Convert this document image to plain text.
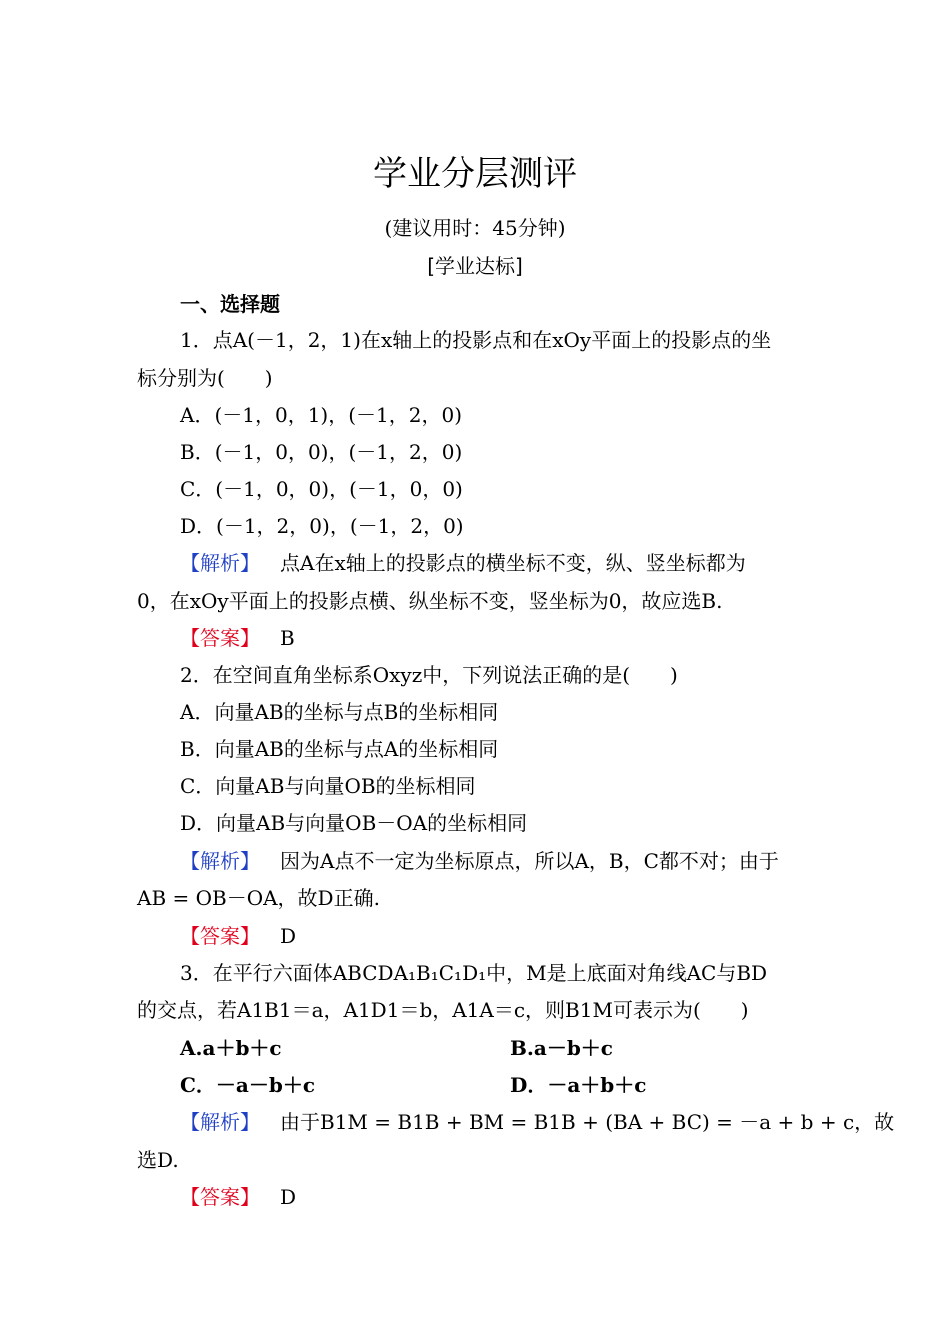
学业分层测评
(建议用时：45分钟)
[学业达标]
一、选择题
1．点A(－1，2，1)在x轴上的投影点和在xOy平面上的投影点的坐
标分别为(　　)
A．(－1，0，1)，(－1，2，0)
B．(－1，0，0)，(－1，2，0)
C．(－1，0，0)，(－1，0，0)
D．(－1，2，0)，(－1，2，0)
【解析】 点A在x轴上的投影点的横坐标不变，纵、竖坐标都为
0，在xOy平面上的投影点横、纵坐标不变，竖坐标为0，故应选B.
【答案】 B
2．在空间直角坐标系Oxyz中，下列说法正确的是(　　)
A．向量AB的坐标与点B的坐标相同
B．向量AB的坐标与点A的坐标相同
C．向量AB与向量OB的坐标相同
D．向量AB与向量OB－OA的坐标相同
【解析】 因为A点不一定为坐标原点，所以A，B，C都不对；由于
AB = OB－OA，故D正确.
【答案】 D
3．在平行六面体ABCDA₁B₁C₁D₁中，M是上底面对角线AC与BD
的交点，若A1B1＝a，A1D1＝b，A1A＝c，则B1M可表示为(　　)
A.a＋b＋c	B.a－b＋c
C．－a－b＋c	D．－a＋b＋c
【解析】 由于B1M = B1B + BM = B1B + (BA + BC) = －a + b + c，故
选D.
【答案】 D
